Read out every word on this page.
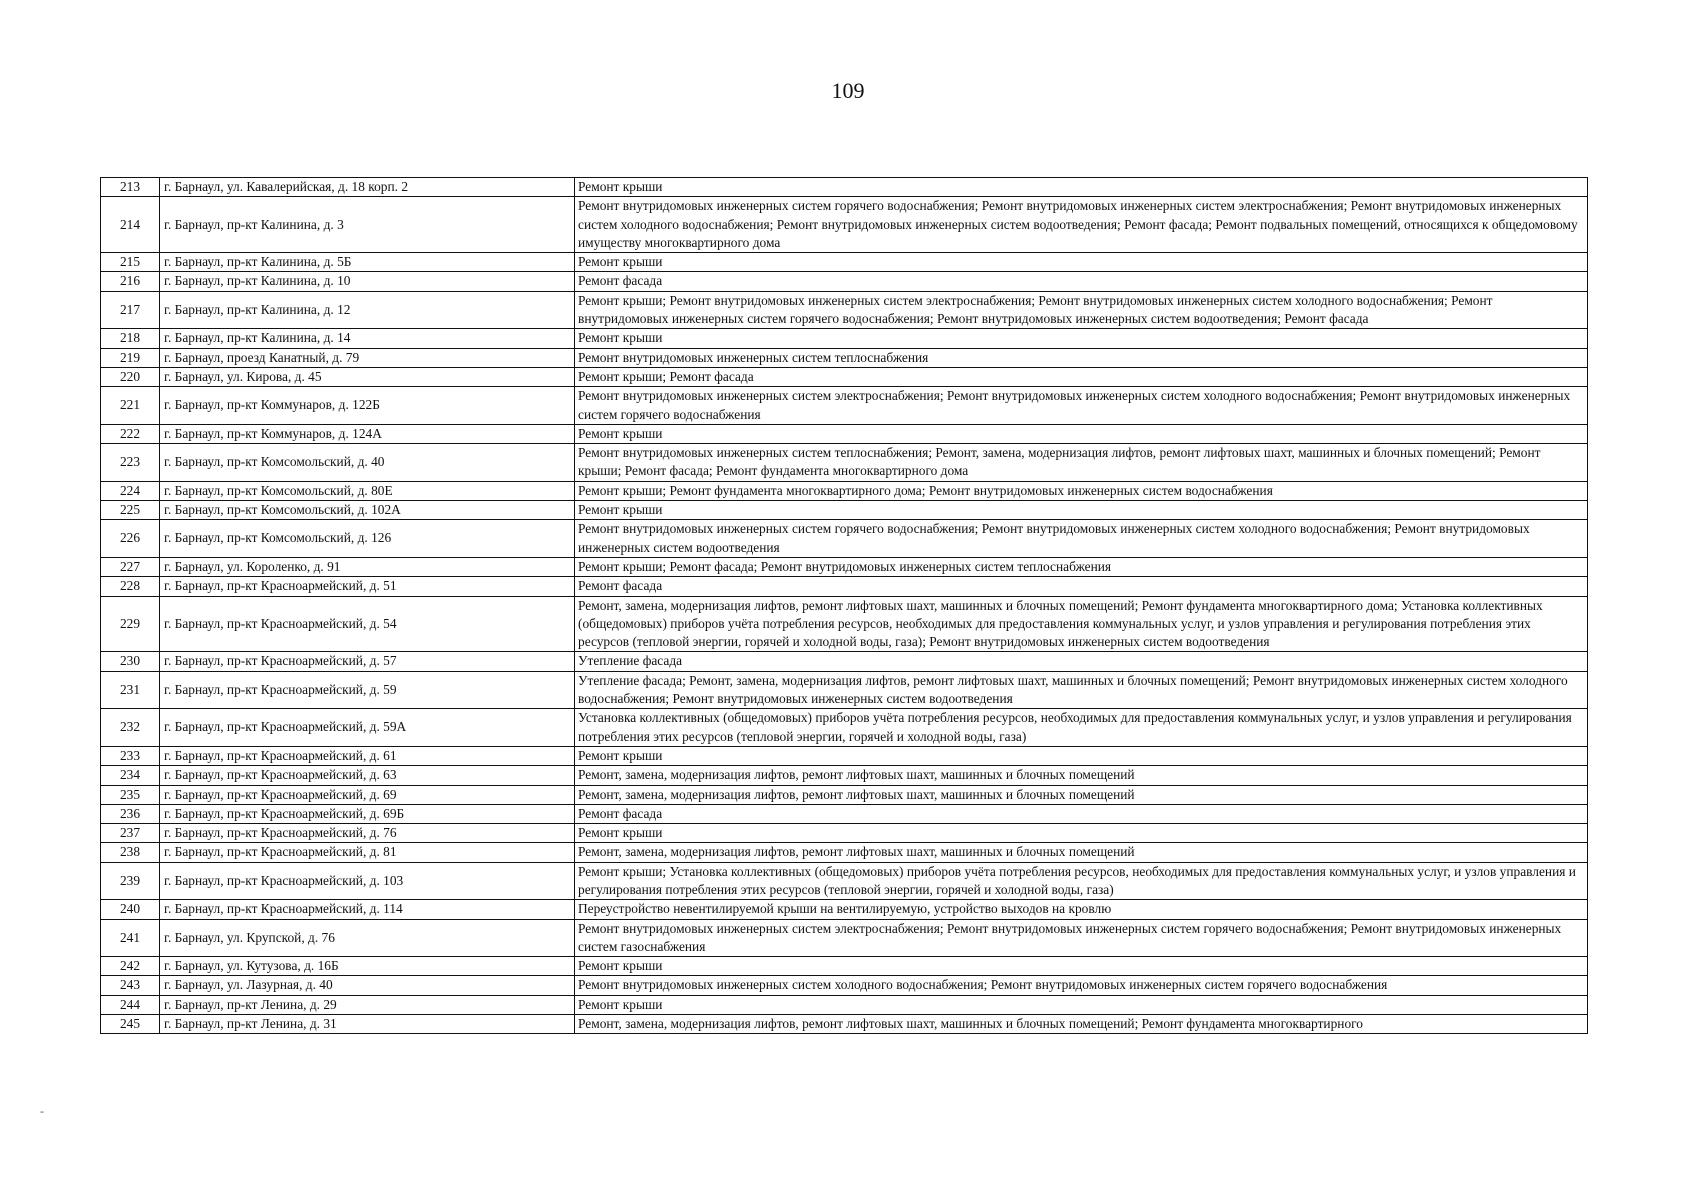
109
213	г. Барнаул, ул. Кавалерийская, д. 18 корп. 2	Ремонт крыши
214	г. Барнаул, пр-кт Калинина, д. 3	Ремонт внутридомовых инженерных систем горячего водоснабжения; Ремонт внутридомовых инженерных систем электроснабжения; Ремонт внутридомовых инженерных систем холодного водоснабжения; Ремонт внутридомовых инженерных систем водоотведения; Ремонт фасада; Ремонт подвальных помещений, относящихся к общедомовому имуществу многоквартирного дома
215	г. Барнаул, пр-кт Калинина, д. 5Б	Ремонт крыши
216	г. Барнаул, пр-кт Калинина, д. 10	Ремонт фасада
217	г. Барнаул, пр-кт Калинина, д. 12	Ремонт крыши; Ремонт внутридомовых инженерных систем электроснабжения; Ремонт внутридомовых инженерных систем холодного водоснабжения; Ремонт внутридомовых инженерных систем горячего водоснабжения; Ремонт внутридомовых инженерных систем водоотведения; Ремонт фасада
218	г. Барнаул, пр-кт Калинина, д. 14	Ремонт крыши
219	г. Барнаул, проезд Канатный, д. 79	Ремонт внутридомовых инженерных систем теплоснабжения
220	г. Барнаул, ул. Кирова, д. 45	Ремонт крыши; Ремонт фасада
221	г. Барнаул, пр-кт Коммунаров, д. 122Б	Ремонт внутридомовых инженерных систем электроснабжения; Ремонт внутридомовых инженерных систем холодного водоснабжения; Ремонт внутридомовых инженерных систем горячего водоснабжения
222	г. Барнаул, пр-кт Коммунаров, д. 124А	Ремонт крыши
223	г. Барнаул, пр-кт Комсомольский, д. 40	Ремонт внутридомовых инженерных систем теплоснабжения; Ремонт, замена, модернизация лифтов, ремонт лифтовых шахт, машинных и блочных помещений; Ремонт крыши; Ремонт фасада; Ремонт фундамента многоквартирного дома
224	г. Барнаул, пр-кт Комсомольский, д. 80Е	Ремонт крыши; Ремонт фундамента многоквартирного дома; Ремонт внутридомовых инженерных систем водоснабжения
225	г. Барнаул, пр-кт Комсомольский, д. 102А	Ремонт крыши
226	г. Барнаул, пр-кт Комсомольский, д. 126	Ремонт внутридомовых инженерных систем горячего водоснабжения; Ремонт внутридомовых инженерных систем холодного водоснабжения; Ремонт внутридомовых инженерных систем водоотведения
227	г. Барнаул, ул. Короленко, д. 91	Ремонт крыши; Ремонт фасада; Ремонт внутридомовых инженерных систем теплоснабжения
228	г. Барнаул, пр-кт Красноармейский, д. 51	Ремонт фасада
229	г. Барнаул, пр-кт Красноармейский, д. 54	Ремонт, замена, модернизация лифтов, ремонт лифтовых шахт, машинных и блочных помещений; Ремонт фундамента многоквартирного дома; Установка коллективных (общедомовых) приборов учёта потребления ресурсов, необходимых для предоставления коммунальных услуг, и узлов управления и регулирования потребления этих ресурсов (тепловой энергии, горячей и холодной воды, газа); Ремонт внутридомовых инженерных систем водоотведения
230	г. Барнаул, пр-кт Красноармейский, д. 57	Утепление фасада
231	г. Барнаул, пр-кт Красноармейский, д. 59	Утепление фасада; Ремонт, замена, модернизация лифтов, ремонт лифтовых шахт, машинных и блочных помещений; Ремонт внутридомовых инженерных систем холодного водоснабжения; Ремонт внутридомовых инженерных систем водоотведения
232	г. Барнаул, пр-кт Красноармейский, д. 59А	Установка коллективных (общедомовых) приборов учёта потребления ресурсов, необходимых для предоставления коммунальных услуг, и узлов управления и регулирования потребления этих ресурсов (тепловой энергии, горячей и холодной воды, газа)
233	г. Барнаул, пр-кт Красноармейский, д. 61	Ремонт крыши
234	г. Барнаул, пр-кт Красноармейский, д. 63	Ремонт, замена, модернизация лифтов, ремонт лифтовых шахт, машинных и блочных помещений
235	г. Барнаул, пр-кт Красноармейский, д. 69	Ремонт, замена, модернизация лифтов, ремонт лифтовых шахт, машинных и блочных помещений
236	г. Барнаул, пр-кт Красноармейский, д. 69Б	Ремонт фасада
237	г. Барнаул, пр-кт Красноармейский, д. 76	Ремонт крыши
238	г. Барнаул, пр-кт Красноармейский, д. 81	Ремонт, замена, модернизация лифтов, ремонт лифтовых шахт, машинных и блочных помещений
239	г. Барнаул, пр-кт Красноармейский, д. 103	Ремонт крыши; Установка коллективных (общедомовых) приборов учёта потребления ресурсов, необходимых для предоставления коммунальных услуг, и узлов управления и регулирования потребления этих ресурсов (тепловой энергии, горячей и холодной воды, газа)
240	г. Барнаул, пр-кт Красноармейский, д. 114	Переустройство невентилируемой крыши на вентилируемую, устройство выходов на кровлю
241	г. Барнаул, ул. Крупской, д. 76	Ремонт внутридомовых инженерных систем электроснабжения; Ремонт внутридомовых инженерных систем горячего водоснабжения; Ремонт внутридомовых инженерных систем газоснабжения
242	г. Барнаул, ул. Кутузова, д. 16Б	Ремонт крыши
243	г. Барнаул, ул. Лазурная, д. 40	Ремонт внутридомовых инженерных систем холодного водоснабжения; Ремонт внутридомовых инженерных систем горячего водоснабжения
244	г. Барнаул, пр-кт Ленина, д. 29	Ремонт крыши
245	г. Барнаул, пр-кт Ленина, д. 31	Ремонт, замена, модернизация лифтов, ремонт лифтовых шахт, машинных и блочных помещений; Ремонт фундамента многоквартирного
-
